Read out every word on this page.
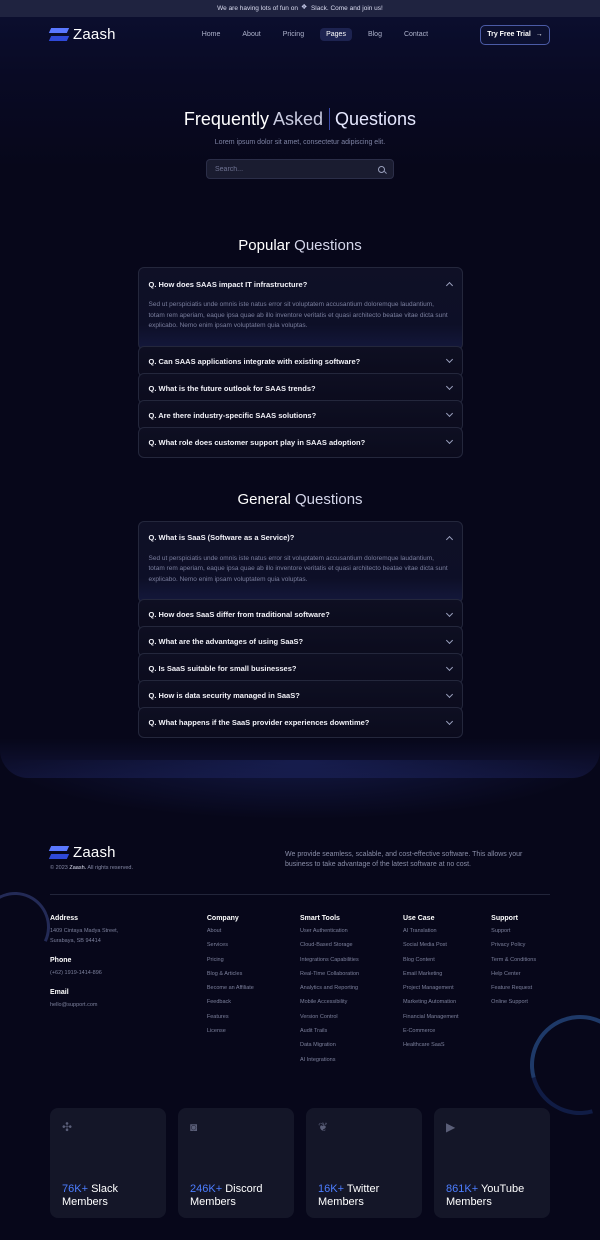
We are having lots of fun on
❖ Slack. Come and join us!
Zaash	Home	About	Pricing	Pages	Blog	Contact	Try Free Trial →
Frequently Asked Questions
Lorem ipsum dolor sit amet, consectetur adipiscing elit.
Search...
Popular Questions
Q. How does SAAS impact IT infrastructure?
Sed ut perspiciatis unde omnis iste natus error sit voluptatem accusantium doloremque laudantium, totam rem aperiam, eaque ipsa quae ab illo inventore veritatis et quasi architecto beatae vitae dicta sunt explicabo. Nemo enim ipsam voluptatem quia voluptas.
Q. Can SAAS applications integrate with existing software?
Q. What is the future outlook for SAAS trends?
Q. Are there industry-specific SAAS solutions?
Q. What role does customer support play in SAAS adoption?
General Questions
Q. What is SaaS (Software as a Service)?
Sed ut perspiciatis unde omnis iste natus error sit voluptatem accusantium doloremque laudantium, totam rem aperiam, eaque ipsa quae ab illo inventore veritatis et quasi architecto beatae vitae dicta sunt explicabo. Nemo enim ipsam voluptatem quia voluptas.
Q. How does SaaS differ from traditional software?
Q. What are the advantages of using SaaS?
Q. Is SaaS suitable for small businesses?
Q. How is data security managed in SaaS?
Q. What happens if the SaaS provider experiences downtime?
Zaash
© 2023 Zaash. All rights reserved.
We provide seamless, scalable, and cost-effective software. This allows your business to take advantage of the latest software at no cost.
Address
1409 Cintaya Madya Street,
Surabaya, SB 94414
Phone
(+62) 1919-1414-896
Email
hello@support.com
Company
About
Services
Pricing
Blog & Articles
Become an Affiliate
Feedback
Features
License
Smart Tools
User Authentication
Cloud-Based Storage
Integrations Capabilities
Real-Time Collaboration
Analytics and Reporting
Mobile Accessibility
Version Control
Audit Trails
Data Migration
AI Integrations
Use Case
AI Translation
Social Media Post
Blog Content
Email Marketing
Project Management
Marketing Automation
Financial Management
E-Commerce
Healthcare SaaS
Support
Support
Privacy Policy
Term & Conditions
Help Center
Feature Request
Online Support
✣
76K+ Slack
Members
◙
246K+ Discord
Members
❦
16K+ Twitter
Members
▶
861K+ YouTube
Members
